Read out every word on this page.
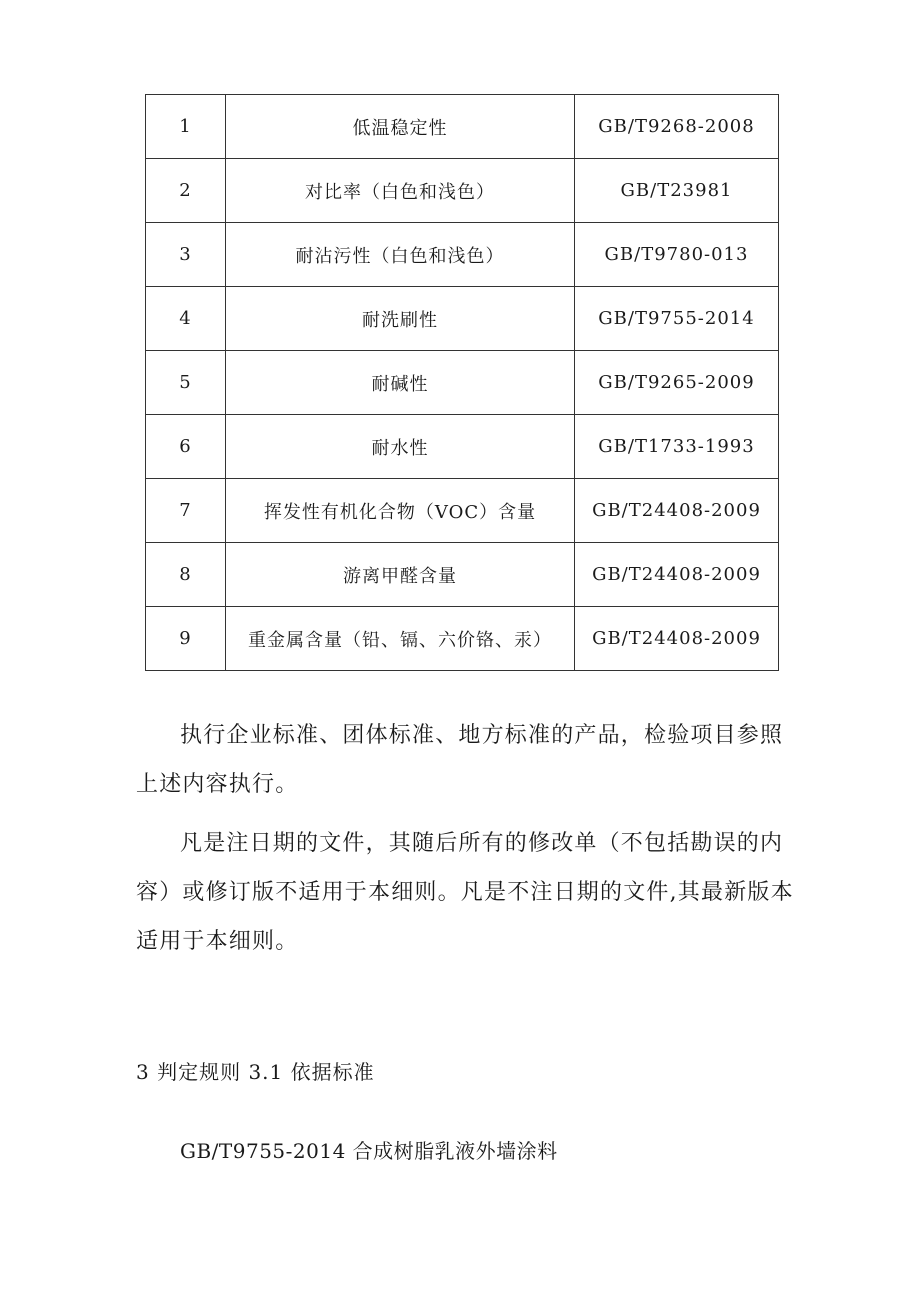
1	低温稳定性	GB/T9268-2008
2	对比率（白色和浅色）	GB/T23981
3	耐沾污性（白色和浅色）	GB/T9780-013
4	耐洗刷性	GB/T9755-2014
5	耐碱性	GB/T9265-2009
6	耐水性	GB/T1733-1993
7	挥发性有机化合物（VOC）含量	GB/T24408-2009
8	游离甲醛含量	GB/T24408-2009
9	重金属含量（铅、镉、六价铬、汞）	GB/T24408-2009

执行企业标准、团体标准、地方标准的产品，检验项目参照上述内容执行。

凡是注日期的文件，其随后所有的修改单（不包括勘误的内容）或修订版不适用于本细则。凡是不注日期的文件,其最新版本适用于本细则。

3 判定规则 3.1 依据标准

GB/T9755-2014 合成树脂乳液外墙涂料
